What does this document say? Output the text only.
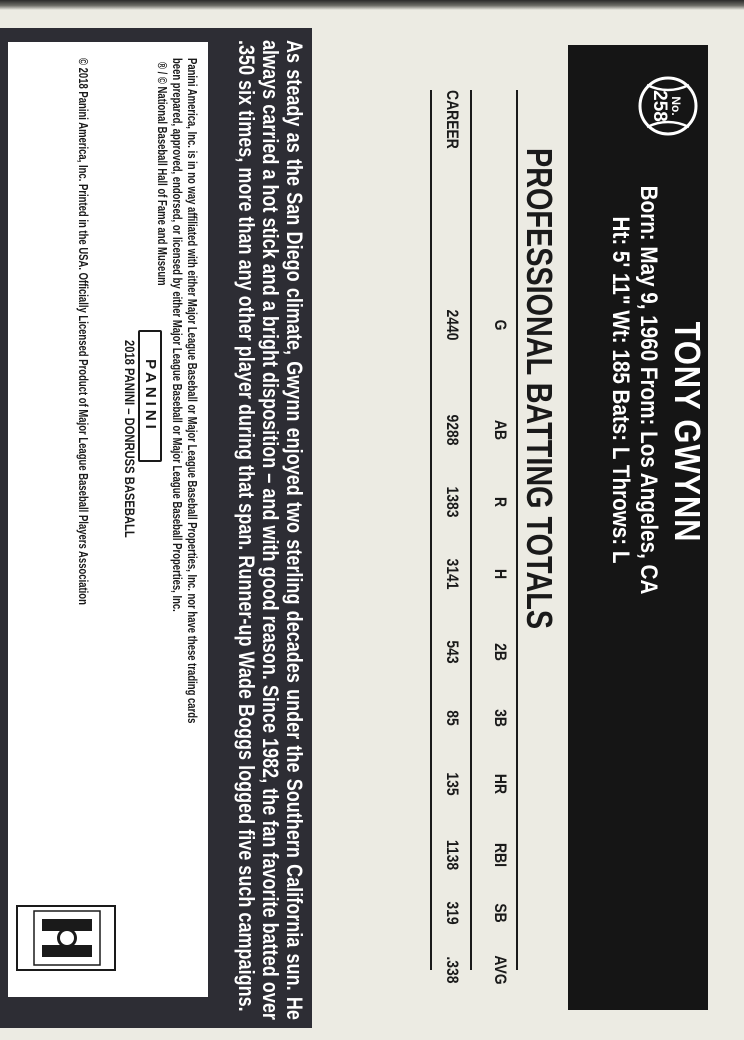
No.
258
TONY GWYNN
Born: May 9, 1960 From: Los Angeles, CA
Ht: 5' 11" Wt: 185 Bats: L Throws: L
PROFESSIONAL BATTING TOTALS
G
AB
R
H
2B
3B
HR
RBI
SB
AVG
CAREER
2440
9288
1383
3141
543
85
135
1138
319
.338

As steady as the San Diego climate, Gwynn enjoyed two sterling decades under the Southern California sun. He always carried a hot stick and a bright disposition – and with good reason. Since 1982, the fan favorite batted over .350 six times, more than any other player during that span. Runner-up Wade Boggs logged five such campaigns.

Panini America, Inc. is in no way affiliated with either Major League Baseball or Major League Baseball Properties, Inc. nor have these trading cards
been prepared, approved, endorsed, or licensed by either Major League Baseball or Major League Baseball Properties, Inc.
® / © National Baseball Hall of Fame and Museum
PANINI
2018 PANINI – DONRUSS BASEBALL
© 2018 Panini America, Inc. Printed in the USA. Officially Licensed Product of Major League Baseball Players Association
